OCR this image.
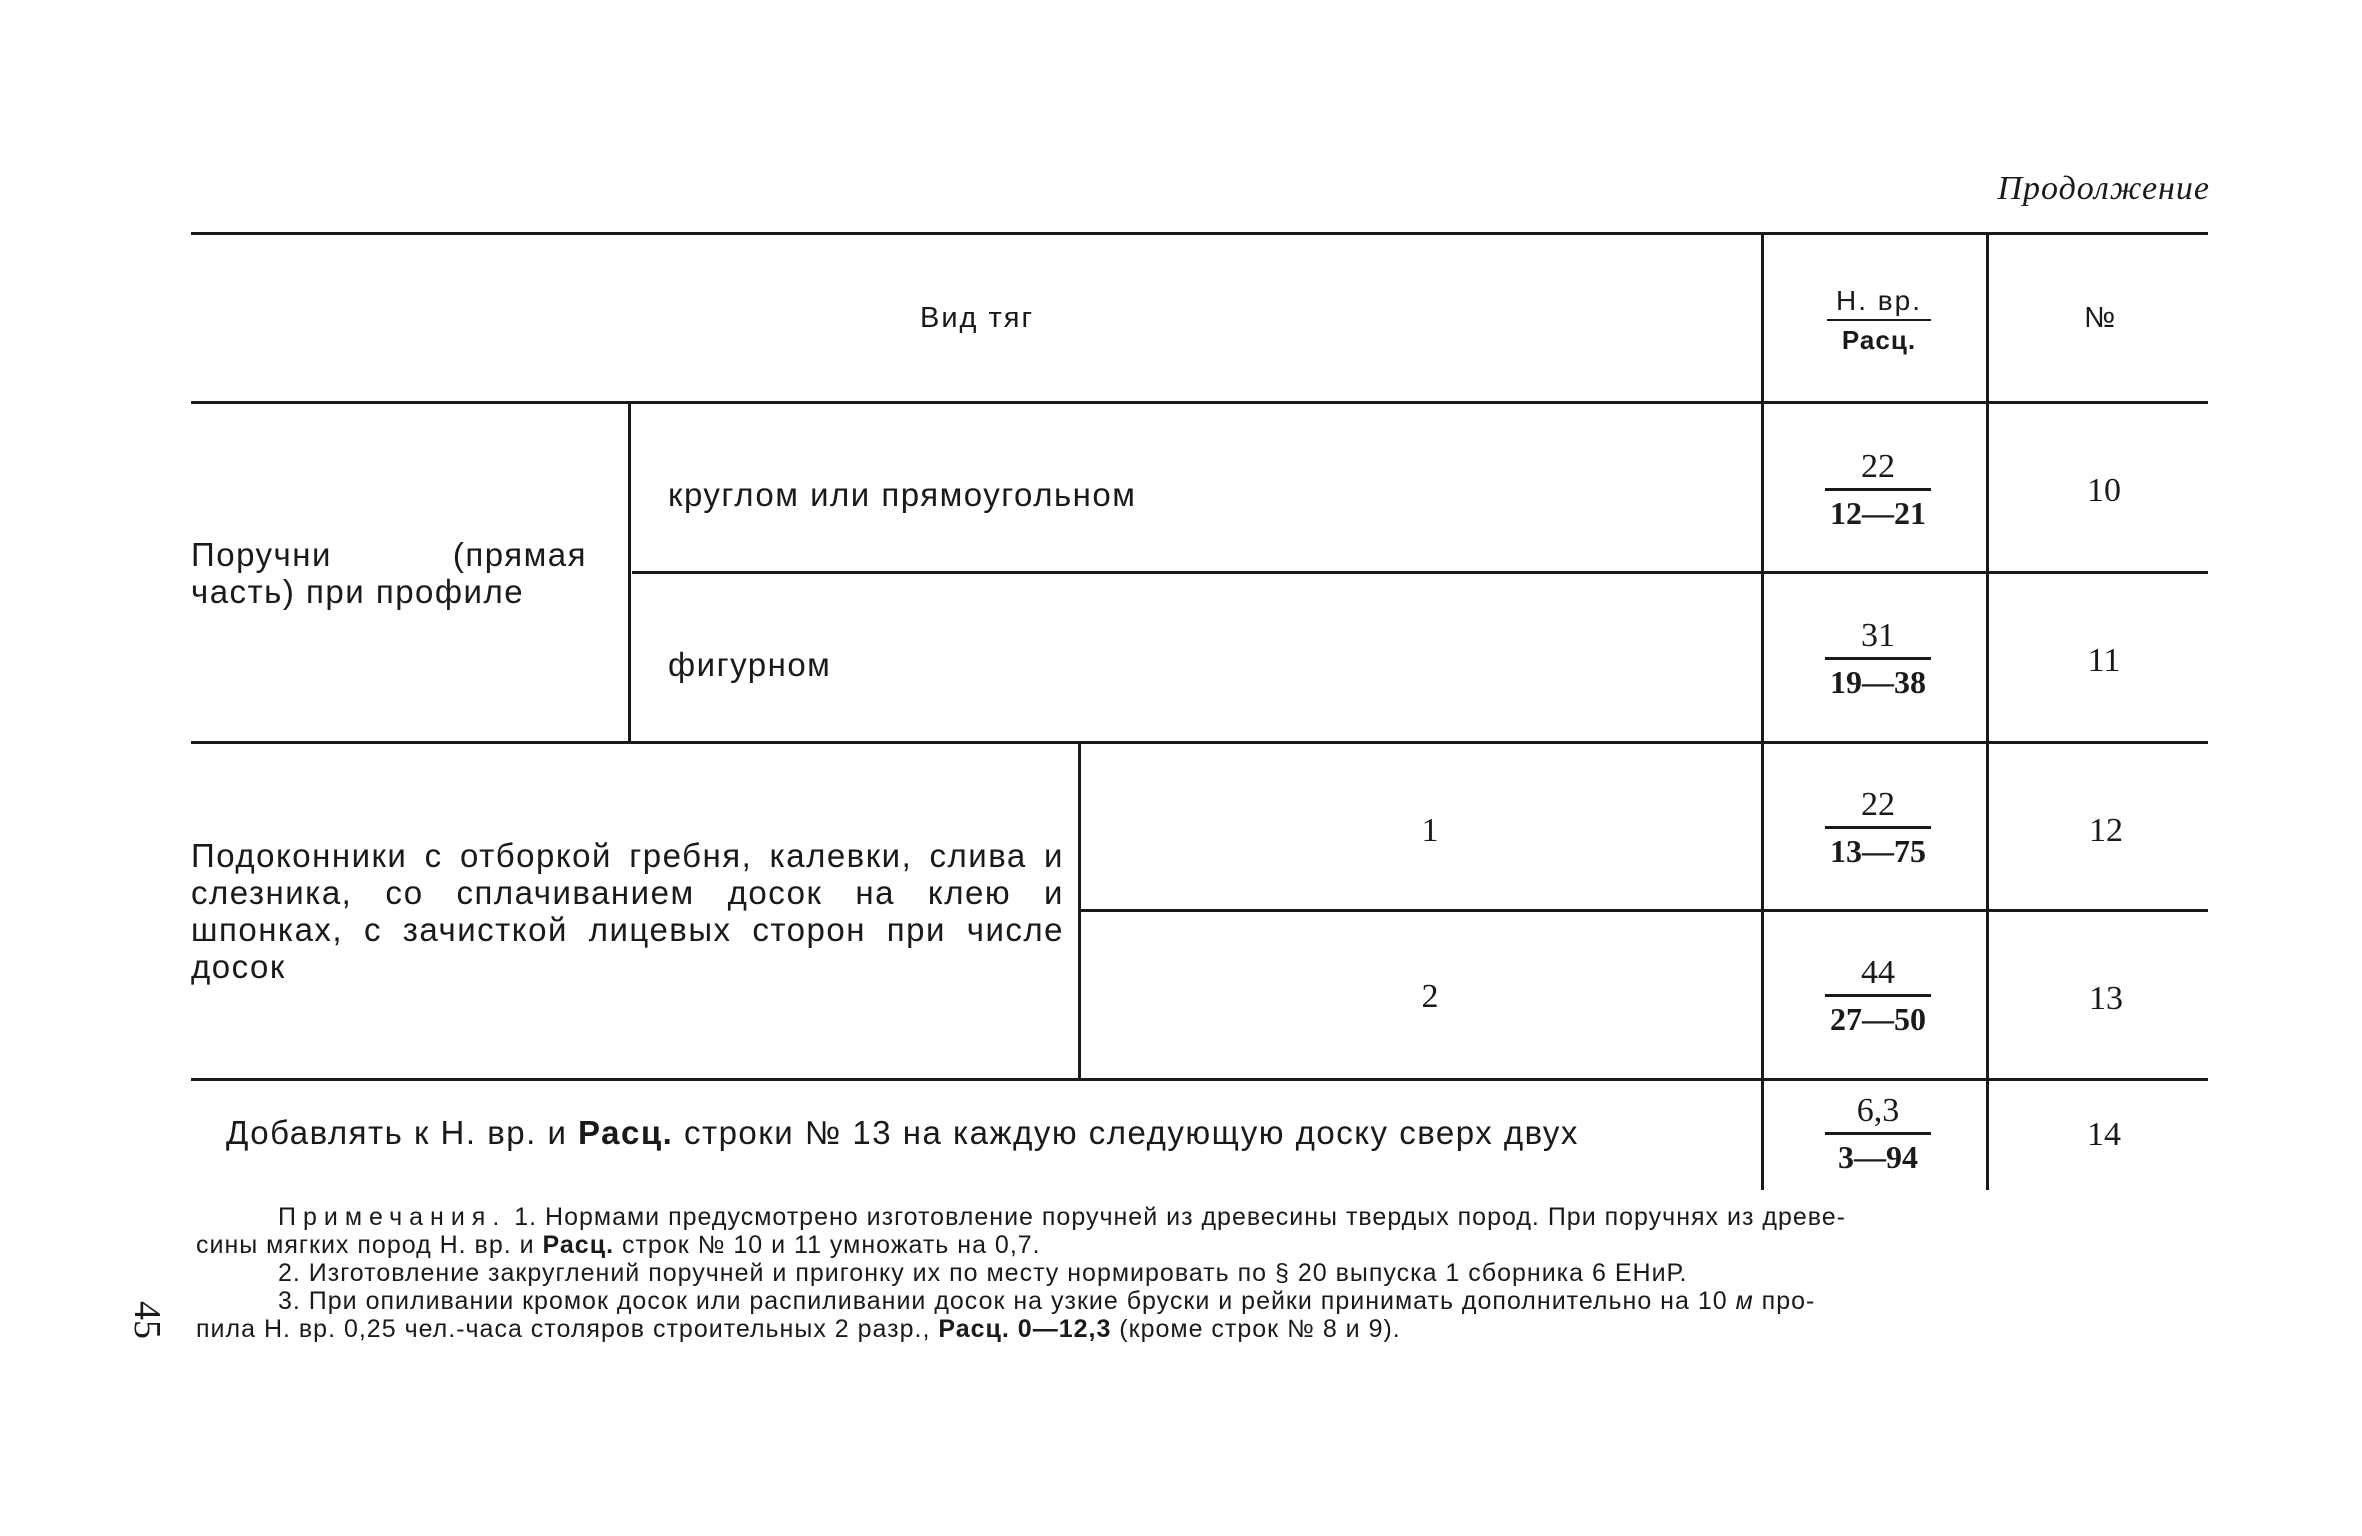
Продолжение
Вид тяг
Н. вр.
Расц.
№
Поручни (прямая часть) при профиле
круглом или прямоугольном
22
12—21
10
фигурном
31
19—38
11
Подоконники с отборкой гребня, калевки, слива и слезника, со сплачиванием досок на клею и шпонках, с зачисткой лицевых сторон при числе досок
1
22
13—75
12
2
44
27—50
13
Добавлять к Н. вр. и Расц. строки № 13 на каждую следующую доску сверх двух
6,3
3—94
14

Примечания. 1. Нормами предусмотрено изготовление поручней из древесины твердых пород. При поручнях из древе-

сины мягких пород Н. вр. и Расц. строк № 10 и 11 умножать на 0,7.

2. Изготовление закруглений поручней и пригонку их по месту нормировать по § 20 выпуска 1 сборника 6 ЕНиР.

3. При опиливании кромок досок или распиливании досок на узкие бруски и рейки принимать дополнительно на 10 м про-

пила Н. вр. 0,25 чел.-часа столяров строительных 2 разр., Расц. 0—12,3 (кроме строк № 8 и 9).

45
